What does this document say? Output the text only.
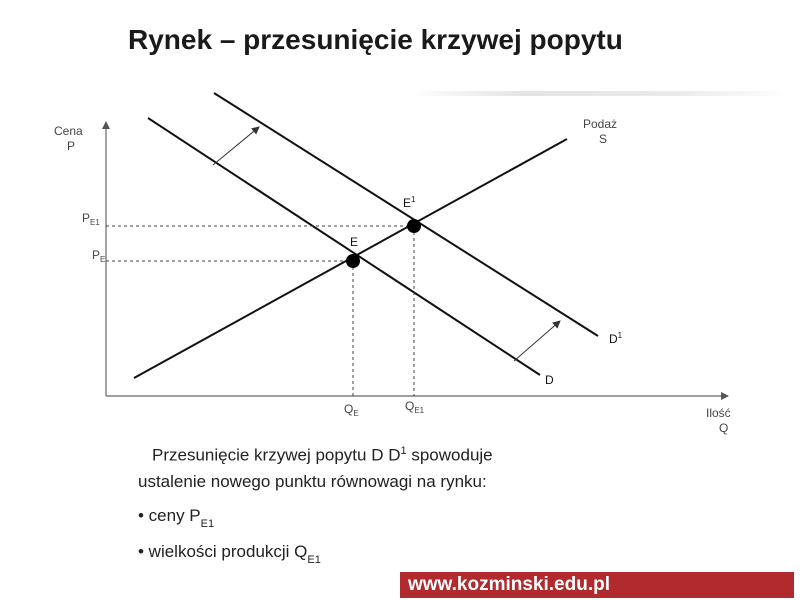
Rynek – przesunięcie krzywej popytu
Cena
P
Ilość
Q
Podaż
S
D
$D^1$
E
$E^1$
$P_{E1}$
$P_E$
$Q_E$
$Q_{E1}$

Przesunięcie krzywej popytu D $D^1$ spowoduje

ustalenie nowego punktu równowagi na rynku:

• ceny $P_{E1}$

• wielkości produkcji $Q_{E1}$

www.kozminski.edu.pl
